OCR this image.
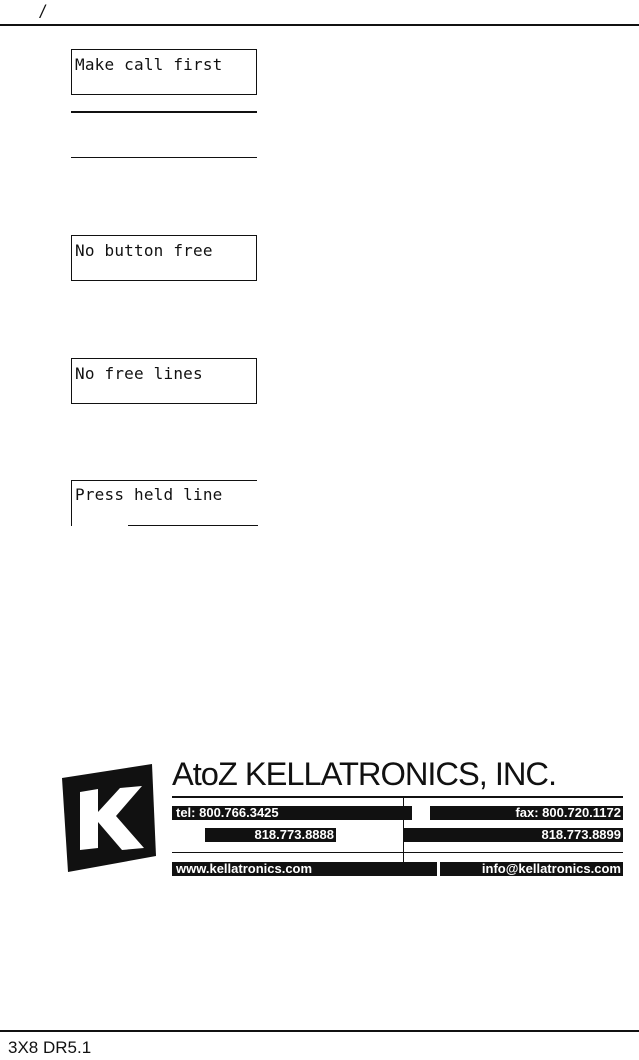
/
Make call first
No button free
No free lines
Press held line
AtoZ KELLATRONICS, INC.
tel: 800.766.3425	fax: 800.720.1172
818.773.8888	818.773.8899
www.kellatronics.com	info@kellatronics.com
3X8 DR5.1
